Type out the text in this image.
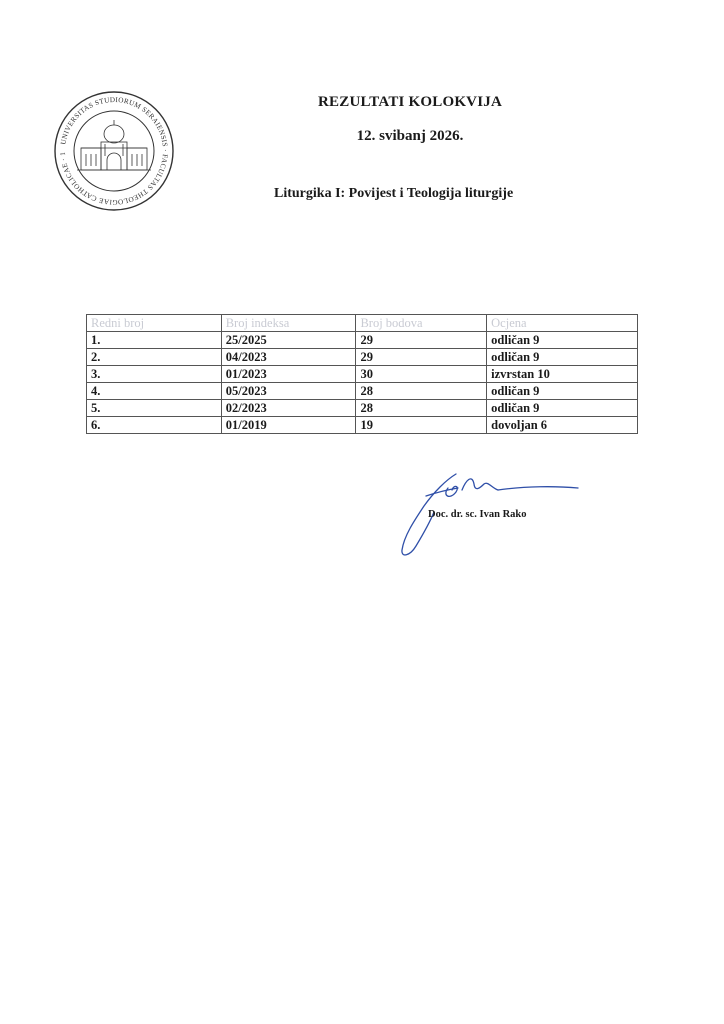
UNIVERSITAS STUDIORUM SERAIENSIS · FACULTAS THEOLOGIAE CATHOLICAE · 1
REZULTATI KOLOKVIJA
12. svibanj 2026.
Liturgika I: Povijest i Teologija liturgije
Redni broj	Broj indeksa	Broj bodova	Ocjena
1.	25/2025	29	odličan 9
2.	04/2023	29	odličan 9
3.	01/2023	30	izvrstan 10
4.	05/2023	28	odličan 9
5.	02/2023	28	odličan 9
6.	01/2019	19	dovoljan 6
Doc. dr. sc. Ivan Rako
